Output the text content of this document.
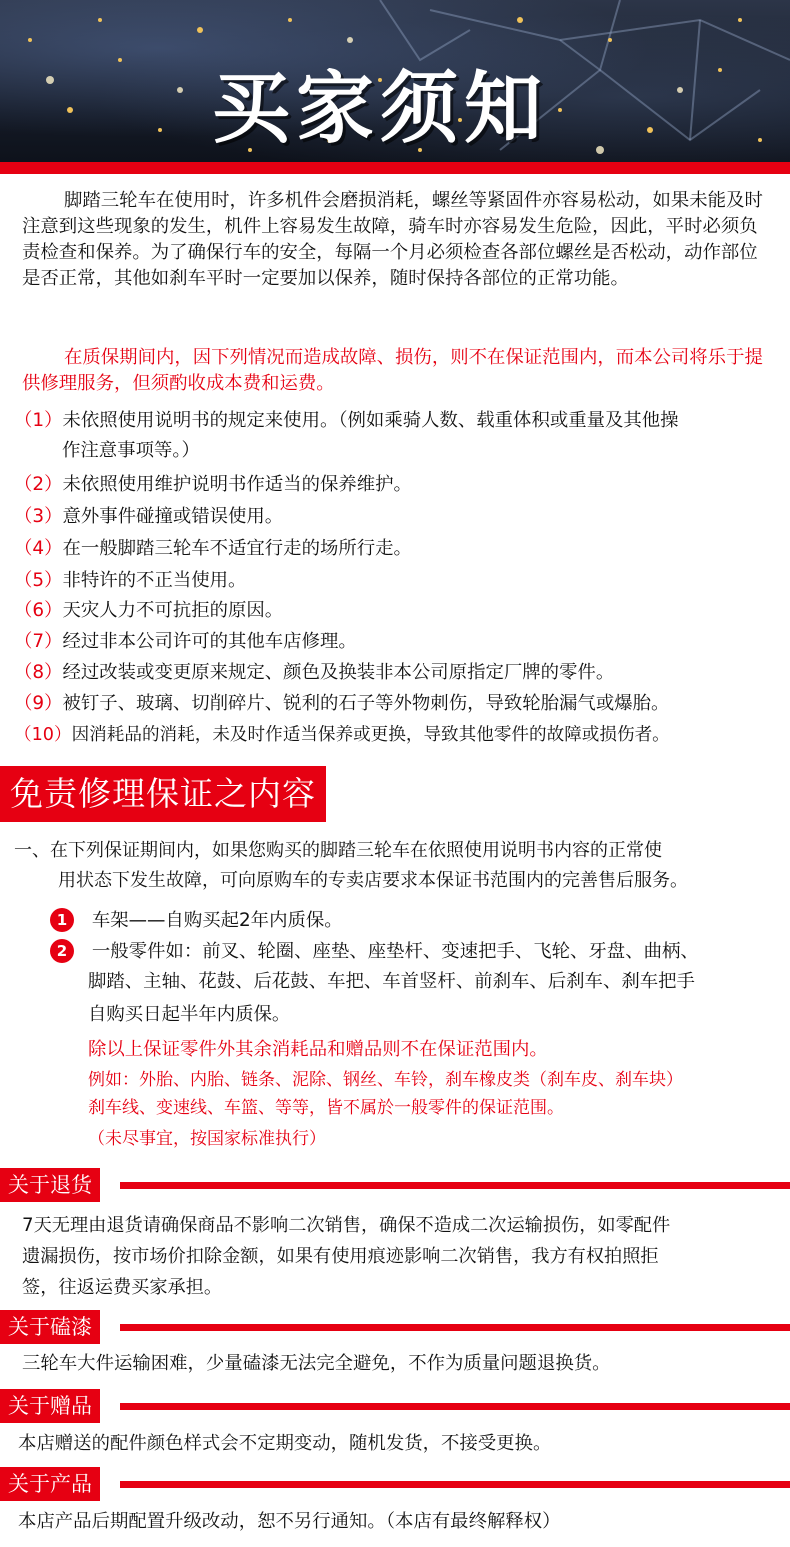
买家须知
脚踏三轮车在使用时，许多机件会磨损消耗，螺丝等紧固件亦容易松动，如果未能及时注意到这些现象的发生，机件上容易发生故障，骑车时亦容易发生危险，因此，平时必须负责检查和保养。为了确保行车的安全，每隔一个月必须检查各部位螺丝是否松动，动作部位是否正常，其他如刹车平时一定要加以保养，随时保持各部位的正常功能。
在质保期间内，因下列情况而造成故障、损伤，则不在保证范围内，而本公司将乐于提供修理服务，但须酌收成本费和运费。
（1）未依照使用说明书的规定来使用。（例如乘骑人数、载重体积或重量及其他操
作注意事项等。）
（2）未依照使用维护说明书作适当的保养维护。
（3）意外事件碰撞或错误使用。
（4）在一般脚踏三轮车不适宜行走的场所行走。
（5）非特许的不正当使用。
（6）天灾人力不可抗拒的原因。
（7）经过非本公司许可的其他车店修理。
（8）经过改装或变更原来规定、颜色及换装非本公司原指定厂牌的零件。
（9）被钉子、玻璃、切削碎片、锐利的石子等外物刺伤，导致轮胎漏气或爆胎。
（10）因消耗品的消耗，未及时作适当保养或更换，导致其他零件的故障或损伤者。
免责修理保证之内容
一、在下列保证期间内，如果您购买的脚踏三轮车在依照使用说明书内容的正常使
用状态下发生故障，可向原购车的专卖店要求本保证书范围内的完善售后服务。
1 车架——自购买起2年内质保。
2 一般零件如：前叉、轮圈、座垫、座垫杆、变速把手、飞轮、牙盘、曲柄、
脚踏、主轴、花鼓、后花鼓、车把、车首竖杆、前刹车、后刹车、刹车把手
自购买日起半年内质保。
除以上保证零件外其余消耗品和赠品则不在保证范围内。
例如：外胎、内胎、链条、泥除、钢丝、车铃，刹车橡皮类（刹车皮、刹车块）
刹车线、变速线、车篮、等等，皆不属於一般零件的保证范围。
（未尽事宜，按国家标准执行）
关于退货
7天无理由退货请确保商品不影响二次销售，确保不造成二次运输损伤，如零配件
遗漏损伤，按市场价扣除金额，如果有使用痕迹影响二次销售，我方有权拍照拒
签，往返运费买家承担。
关于磕漆
三轮车大件运输困难，少量磕漆无法完全避免，不作为质量问题退换货。
关于赠品
本店赠送的配件颜色样式会不定期变动，随机发货，不接受更换。
关于产品
本店产品后期配置升级改动，恕不另行通知。（本店有最终解释权）
